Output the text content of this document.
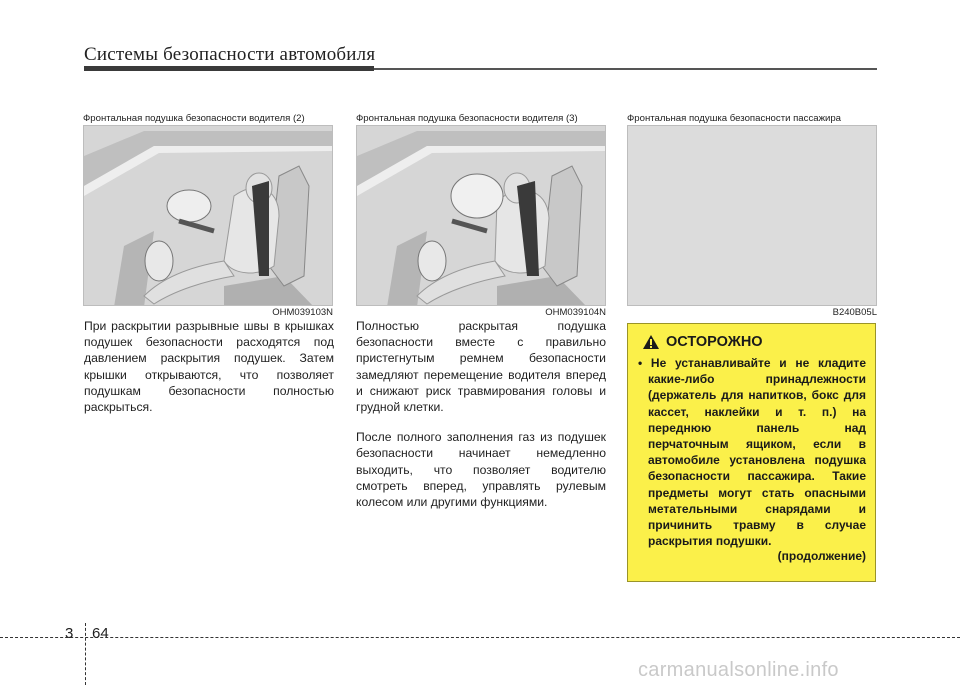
Системы безопасности автомобиля
Фронтальная подушка безопасности водителя (2)
OHM039103N
Фронтальная подушка безопасности водителя (3)
OHM039104N
Фронтальная подушка безопасности пассажира
B240B05L

При раскрытии разрывные швы в крышках подушек безопасности расходятся под давлением раскрытия подушек. Затем крышки открываются, что позволяет подушкам безопасности полностью раскрыться.

Полностью раскрытая подушка безопасности вместе с правильно пристегнутым ремнем безопасности замедляют перемещение водителя вперед и снижают риск травмирования головы и грудной клетки.

После полного заполнения газ из подушек безопасности начинает немедленно выходить, что позволяет водителю смотреть вперед, управлять рулевым колесом или другими функциями.

ОСТОРОЖНО
• Не устанавливайте и не кладите какие-либо принадлежности (держатель для напитков, бокс для кассет, наклейки и т. п.) на переднюю панель над перчаточным ящиком, если в автомобиле установлена подушка безопасности пассажира. Такие предметы могут стать опасными метательными снарядами и причинить травму в случае раскрытия подушки.
(продолжение)
3 64
carmanualsonline.info
